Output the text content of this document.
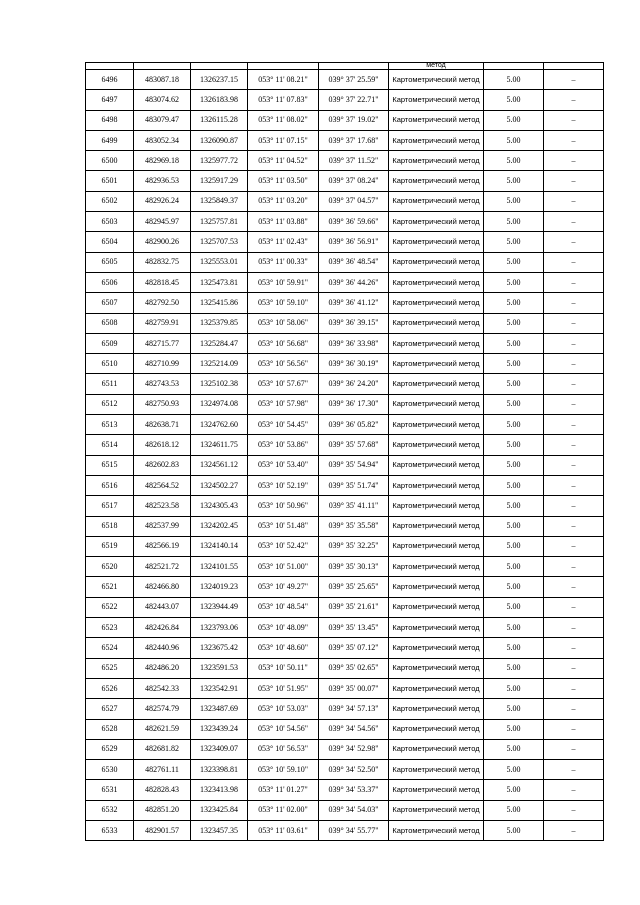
					метод		
6496	483087.18	1326237.15	053° 11' 08.21"	039° 37' 25.59"	Картометрический метод	5.00	–
6497	483074.62	1326183.98	053° 11' 07.83"	039° 37' 22.71"	Картометрический метод	5.00	–
6498	483079.47	1326115.28	053° 11' 08.02"	039° 37' 19.02"	Картометрический метод	5.00	–
6499	483052.34	1326090.87	053° 11' 07.15"	039° 37' 17.68"	Картометрический метод	5.00	–
6500	482969.18	1325977.72	053° 11' 04.52"	039° 37' 11.52"	Картометрический метод	5.00	–
6501	482936.53	1325917.29	053° 11' 03.50"	039° 37' 08.24"	Картометрический метод	5.00	–
6502	482926.24	1325849.37	053° 11' 03.20"	039° 37' 04.57"	Картометрический метод	5.00	–
6503	482945.97	1325757.81	053° 11' 03.88"	039° 36' 59.66"	Картометрический метод	5.00	–
6504	482900.26	1325707.53	053° 11' 02.43"	039° 36' 56.91"	Картометрический метод	5.00	–
6505	482832.75	1325553.01	053° 11' 00.33"	039° 36' 48.54"	Картометрический метод	5.00	–
6506	482818.45	1325473.81	053° 10' 59.91"	039° 36' 44.26"	Картометрический метод	5.00	–
6507	482792.50	1325415.86	053° 10' 59.10"	039° 36' 41.12"	Картометрический метод	5.00	–
6508	482759.91	1325379.85	053° 10' 58.06"	039° 36' 39.15"	Картометрический метод	5.00	–
6509	482715.77	1325284.47	053° 10' 56.68"	039° 36' 33.98"	Картометрический метод	5.00	–
6510	482710.99	1325214.09	053° 10' 56.56"	039° 36' 30.19"	Картометрический метод	5.00	–
6511	482743.53	1325102.38	053° 10' 57.67"	039° 36' 24.20"	Картометрический метод	5.00	–
6512	482750.93	1324974.08	053° 10' 57.98"	039° 36' 17.30"	Картометрический метод	5.00	–
6513	482638.71	1324762.60	053° 10' 54.45"	039° 36' 05.82"	Картометрический метод	5.00	–
6514	482618.12	1324611.75	053° 10' 53.86"	039° 35' 57.68"	Картометрический метод	5.00	–
6515	482602.83	1324561.12	053° 10' 53.40"	039° 35' 54.94"	Картометрический метод	5.00	–
6516	482564.52	1324502.27	053° 10' 52.19"	039° 35' 51.74"	Картометрический метод	5.00	–
6517	482523.58	1324305.43	053° 10' 50.96"	039° 35' 41.11"	Картометрический метод	5.00	–
6518	482537.99	1324202.45	053° 10' 51.48"	039° 35' 35.58"	Картометрический метод	5.00	–
6519	482566.19	1324140.14	053° 10' 52.42"	039° 35' 32.25"	Картометрический метод	5.00	–
6520	482521.72	1324101.55	053° 10' 51.00"	039° 35' 30.13"	Картометрический метод	5.00	–
6521	482466.80	1324019.23	053° 10' 49.27"	039° 35' 25.65"	Картометрический метод	5.00	–
6522	482443.07	1323944.49	053° 10' 48.54"	039° 35' 21.61"	Картометрический метод	5.00	–
6523	482426.84	1323793.06	053° 10' 48.09"	039° 35' 13.45"	Картометрический метод	5.00	–
6524	482440.96	1323675.42	053° 10' 48.60"	039° 35' 07.12"	Картометрический метод	5.00	–
6525	482486.20	1323591.53	053° 10' 50.11"	039° 35' 02.65"	Картометрический метод	5.00	–
6526	482542.33	1323542.91	053° 10' 51.95"	039° 35' 00.07"	Картометрический метод	5.00	–
6527	482574.79	1323487.69	053° 10' 53.03"	039° 34' 57.13"	Картометрический метод	5.00	–
6528	482621.59	1323439.24	053° 10' 54.56"	039° 34' 54.56"	Картометрический метод	5.00	–
6529	482681.82	1323409.07	053° 10' 56.53"	039° 34' 52.98"	Картометрический метод	5.00	–
6530	482761.11	1323398.81	053° 10' 59.10"	039° 34' 52.50"	Картометрический метод	5.00	–
6531	482828.43	1323413.98	053° 11' 01.27"	039° 34' 53.37"	Картометрический метод	5.00	–
6532	482851.20	1323425.84	053° 11' 02.00"	039° 34' 54.03"	Картометрический метод	5.00	–
6533	482901.57	1323457.35	053° 11' 03.61"	039° 34' 55.77"	Картометрический метод	5.00	–
